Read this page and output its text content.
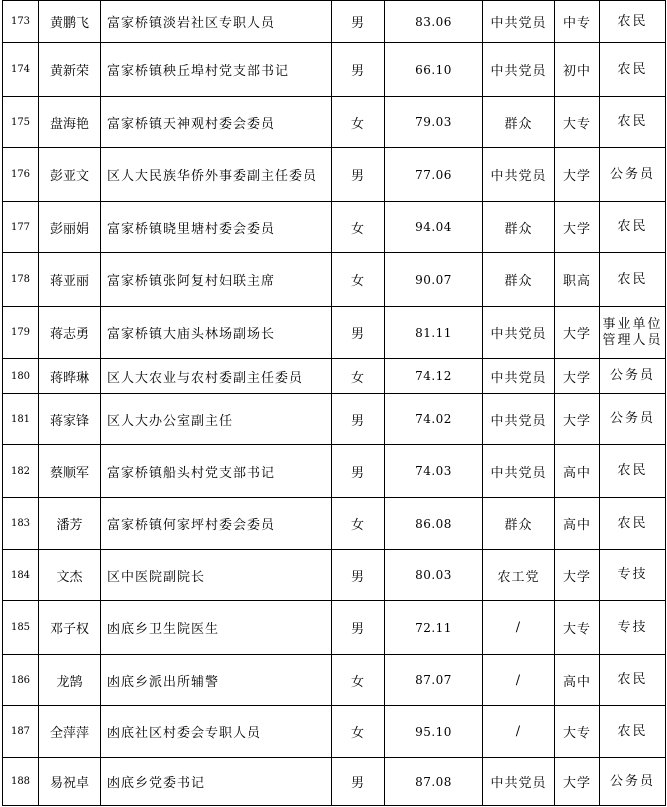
173	黄鹏飞	富家桥镇淡岩社区专职人员	男	83.06	中共党员	中专	农民
174	黄新荣	富家桥镇秧丘埠村党支部书记	男	66.10	中共党员	初中	农民
175	盘海艳	富家桥镇天神观村委会委员	女	79.03	群众	大专	农民
176	彭亚文	区人大民族华侨外事委副主任委员	男	77.06	中共党员	大学	公务员
177	彭丽娟	富家桥镇晓里塘村委会委员	女	94.04	群众	大学	农民
178	蒋亚丽	富家桥镇张阿复村妇联主席	女	90.07	群众	职高	农民
179	蒋志勇	富家桥镇大庙头林场副场长	男	81.11	中共党员	大学	事业单位管理人员
180	蒋晔琳	区人大农业与农村委副主任委员	女	74.12	中共党员	大学	公务员
181	蒋家锋	区人大办公室副主任	男	74.02	中共党员	大学	公务员
182	蔡顺军	富家桥镇船头村党支部书记	男	74.03	中共党员	高中	农民
183	潘芳	富家桥镇何家坪村委会委员	女	86.08	群众	高中	农民
184	文杰	区中医院副院长	男	80.03	农工党	大学	专技
185	邓子权	凼底乡卫生院医生	男	72.11	/	大专	专技
186	龙鹄	凼底乡派出所辅警	女	87.07	/	高中	农民
187	全萍萍	凼底社区村委会专职人员	女	95.10	/	大专	农民
188	易祝卓	凼底乡党委书记	男	87.08	中共党员	大学	公务员
